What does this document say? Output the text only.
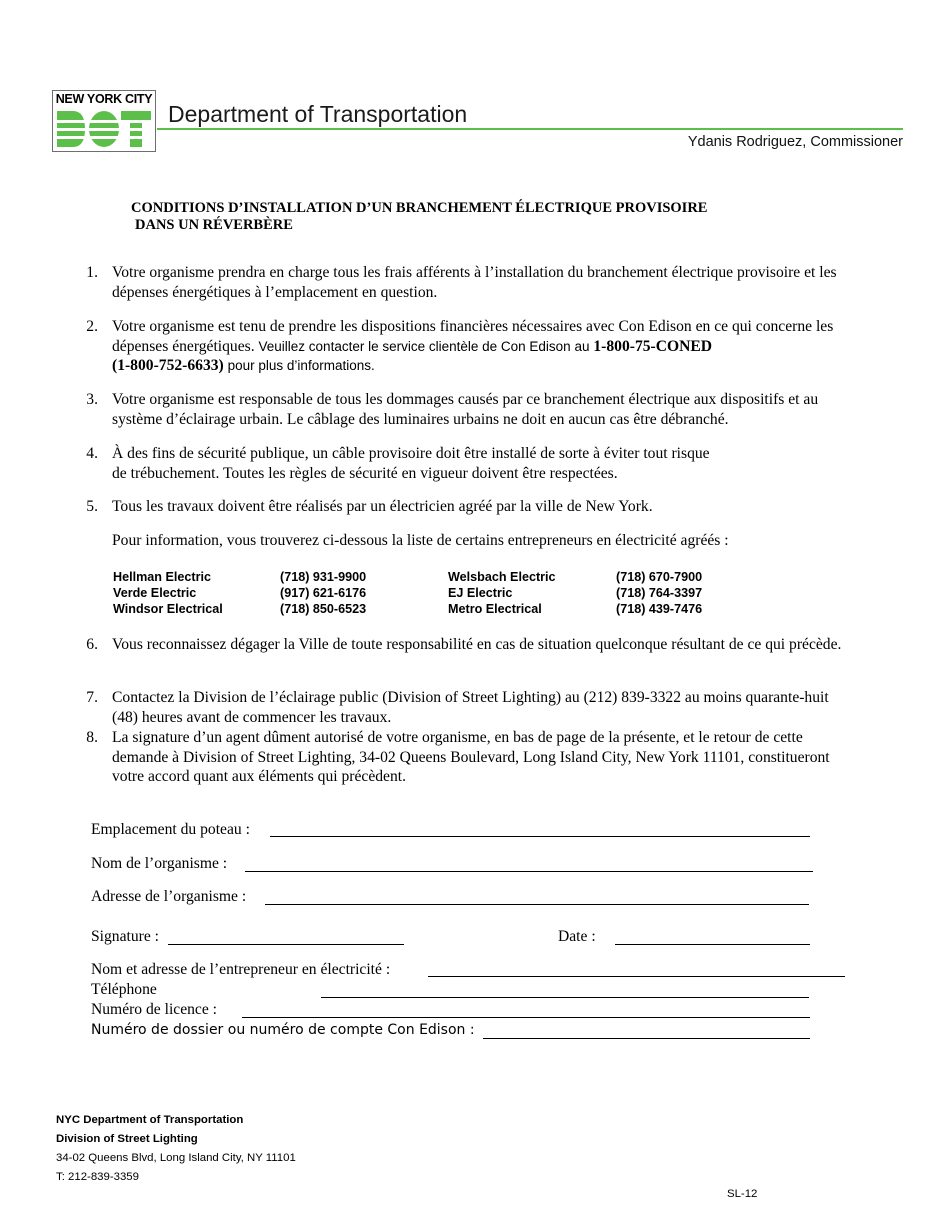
NEW YORK CITY
Department of Transportation
Ydanis Rodriguez, Commissioner
CONDITIONS D’INSTALLATION D’UN BRANCHEMENT ÉLECTRIQUE PROVISOIRE
DANS UN RÉVERBÈRE
1. Votre organisme prendra en charge tous les frais afférents à l’installation du branchement électrique provisoire et les dépenses énergétiques à l’emplacement en question.
2. Votre organisme est tenu de prendre les dispositions financières nécessaires avec Con Edison en ce qui concerne les dépenses énergétiques. Veuillez contacter le service clientèle de Con Edison au 1-800-75-CONED
(1-800-752-6633) pour plus d’informations.
3. Votre organisme est responsable de tous les dommages causés par ce branchement électrique aux dispositifs et au système d’éclairage urbain. Le câblage des luminaires urbains ne doit en aucun cas être débranché.
4. À des fins de sécurité publique, un câble provisoire doit être installé de sorte à éviter tout risque
de trébuchement. Toutes les règles de sécurité en vigueur doivent être respectées.
5. Tous les travaux doivent être réalisés par un électricien agréé par la ville de New York.
Pour information, vous trouverez ci-dessous la liste de certains entrepreneurs en électricité agréés :
Hellman Electric	(718) 931-9900
Verde Electric	(917) 621-6176
Windsor Electrical	(718) 850-6523
Welsbach Electric	(718) 670-7900
EJ Electric	(718) 764-3397
Metro Electrical	(718) 439-7476
6. Vous reconnaissez dégager la Ville de toute responsabilité en cas de situation quelconque résultant de ce qui précède.
7. Contactez la Division de l’éclairage public (Division of Street Lighting) au (212) 839-3322 au moins quarante-huit (48) heures avant de commencer les travaux.
8. La signature d’un agent dûment autorisé de votre organisme, en bas de page de la présente, et le retour de cette demande à Division of Street Lighting, 34-02 Queens Boulevard, Long Island City, New York 11101, constitueront votre accord quant aux éléments qui précèdent.
Emplacement du poteau :
Nom de l’organisme :
Adresse de l’organisme :
Signature :	Date :
Nom et adresse de l’entrepreneur en électricité :
Téléphone
Numéro de licence :
Numéro de dossier ou numéro de compte Con Edison :
NYC Department of Transportation
Division of Street Lighting
34-02 Queens Blvd, Long Island City, NY 11101
T: 212-839-3359
SL-12
